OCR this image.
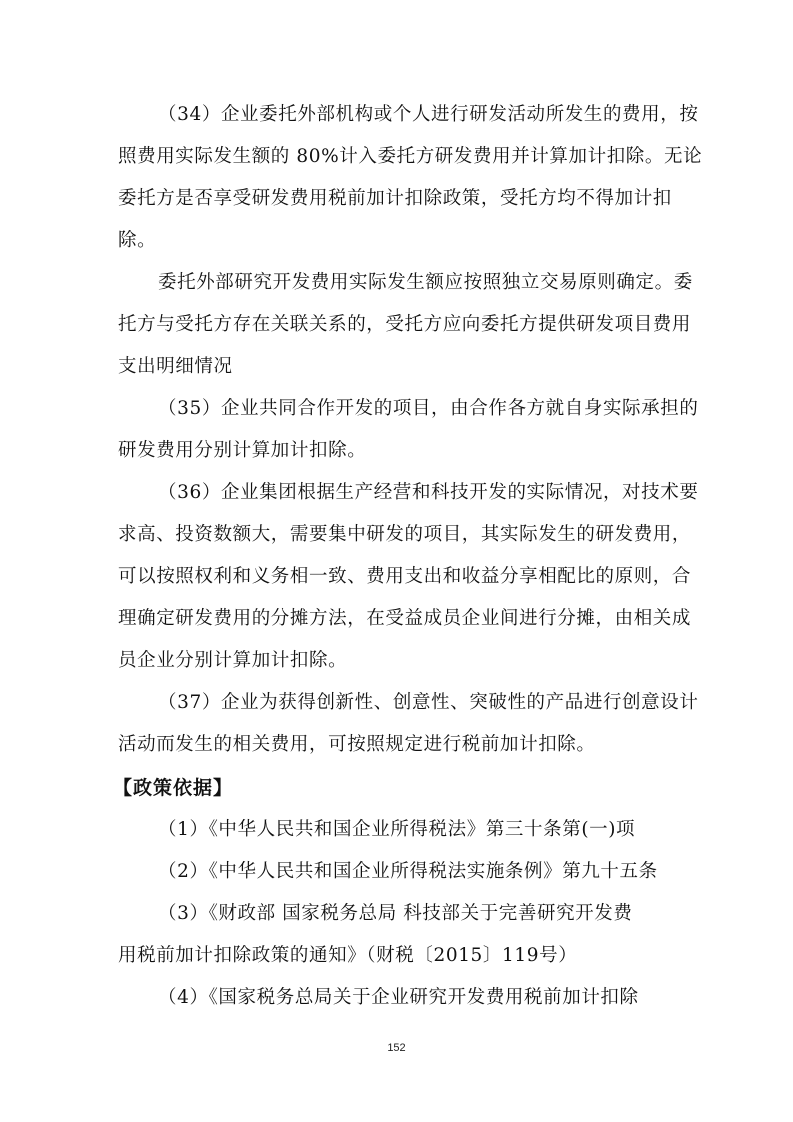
（34）企业委托外部机构或个人进行研发活动所发生的费用，按
照费用实际发生额的 80%计入委托方研发费用并计算加计扣除。无论
委托方是否享受研发费用税前加计扣除政策，受托方均不得加计扣
除。
委托外部研究开发费用实际发生额应按照独立交易原则确定。委
托方与受托方存在关联关系的，受托方应向委托方提供研发项目费用
支出明细情况
（35）企业共同合作开发的项目，由合作各方就自身实际承担的
研发费用分别计算加计扣除。
（36）企业集团根据生产经营和科技开发的实际情况，对技术要
求高、投资数额大，需要集中研发的项目，其实际发生的研发费用，
可以按照权利和义务相一致、费用支出和收益分享相配比的原则，合
理确定研发费用的分摊方法，在受益成员企业间进行分摊，由相关成
员企业分别计算加计扣除。
（37）企业为获得创新性、创意性、突破性的产品进行创意设计
活动而发生的相关费用，可按照规定进行税前加计扣除。
【政策依据】
（1）《中华人民共和国企业所得税法》第三十条第(一)项
（2）《中华人民共和国企业所得税法实施条例》第九十五条
（3）《财政部 国家税务总局 科技部关于完善研究开发费
用税前加计扣除政策的通知》（财税〔2015〕119号）
（4）《国家税务总局关于企业研究开发费用税前加计扣除
152
